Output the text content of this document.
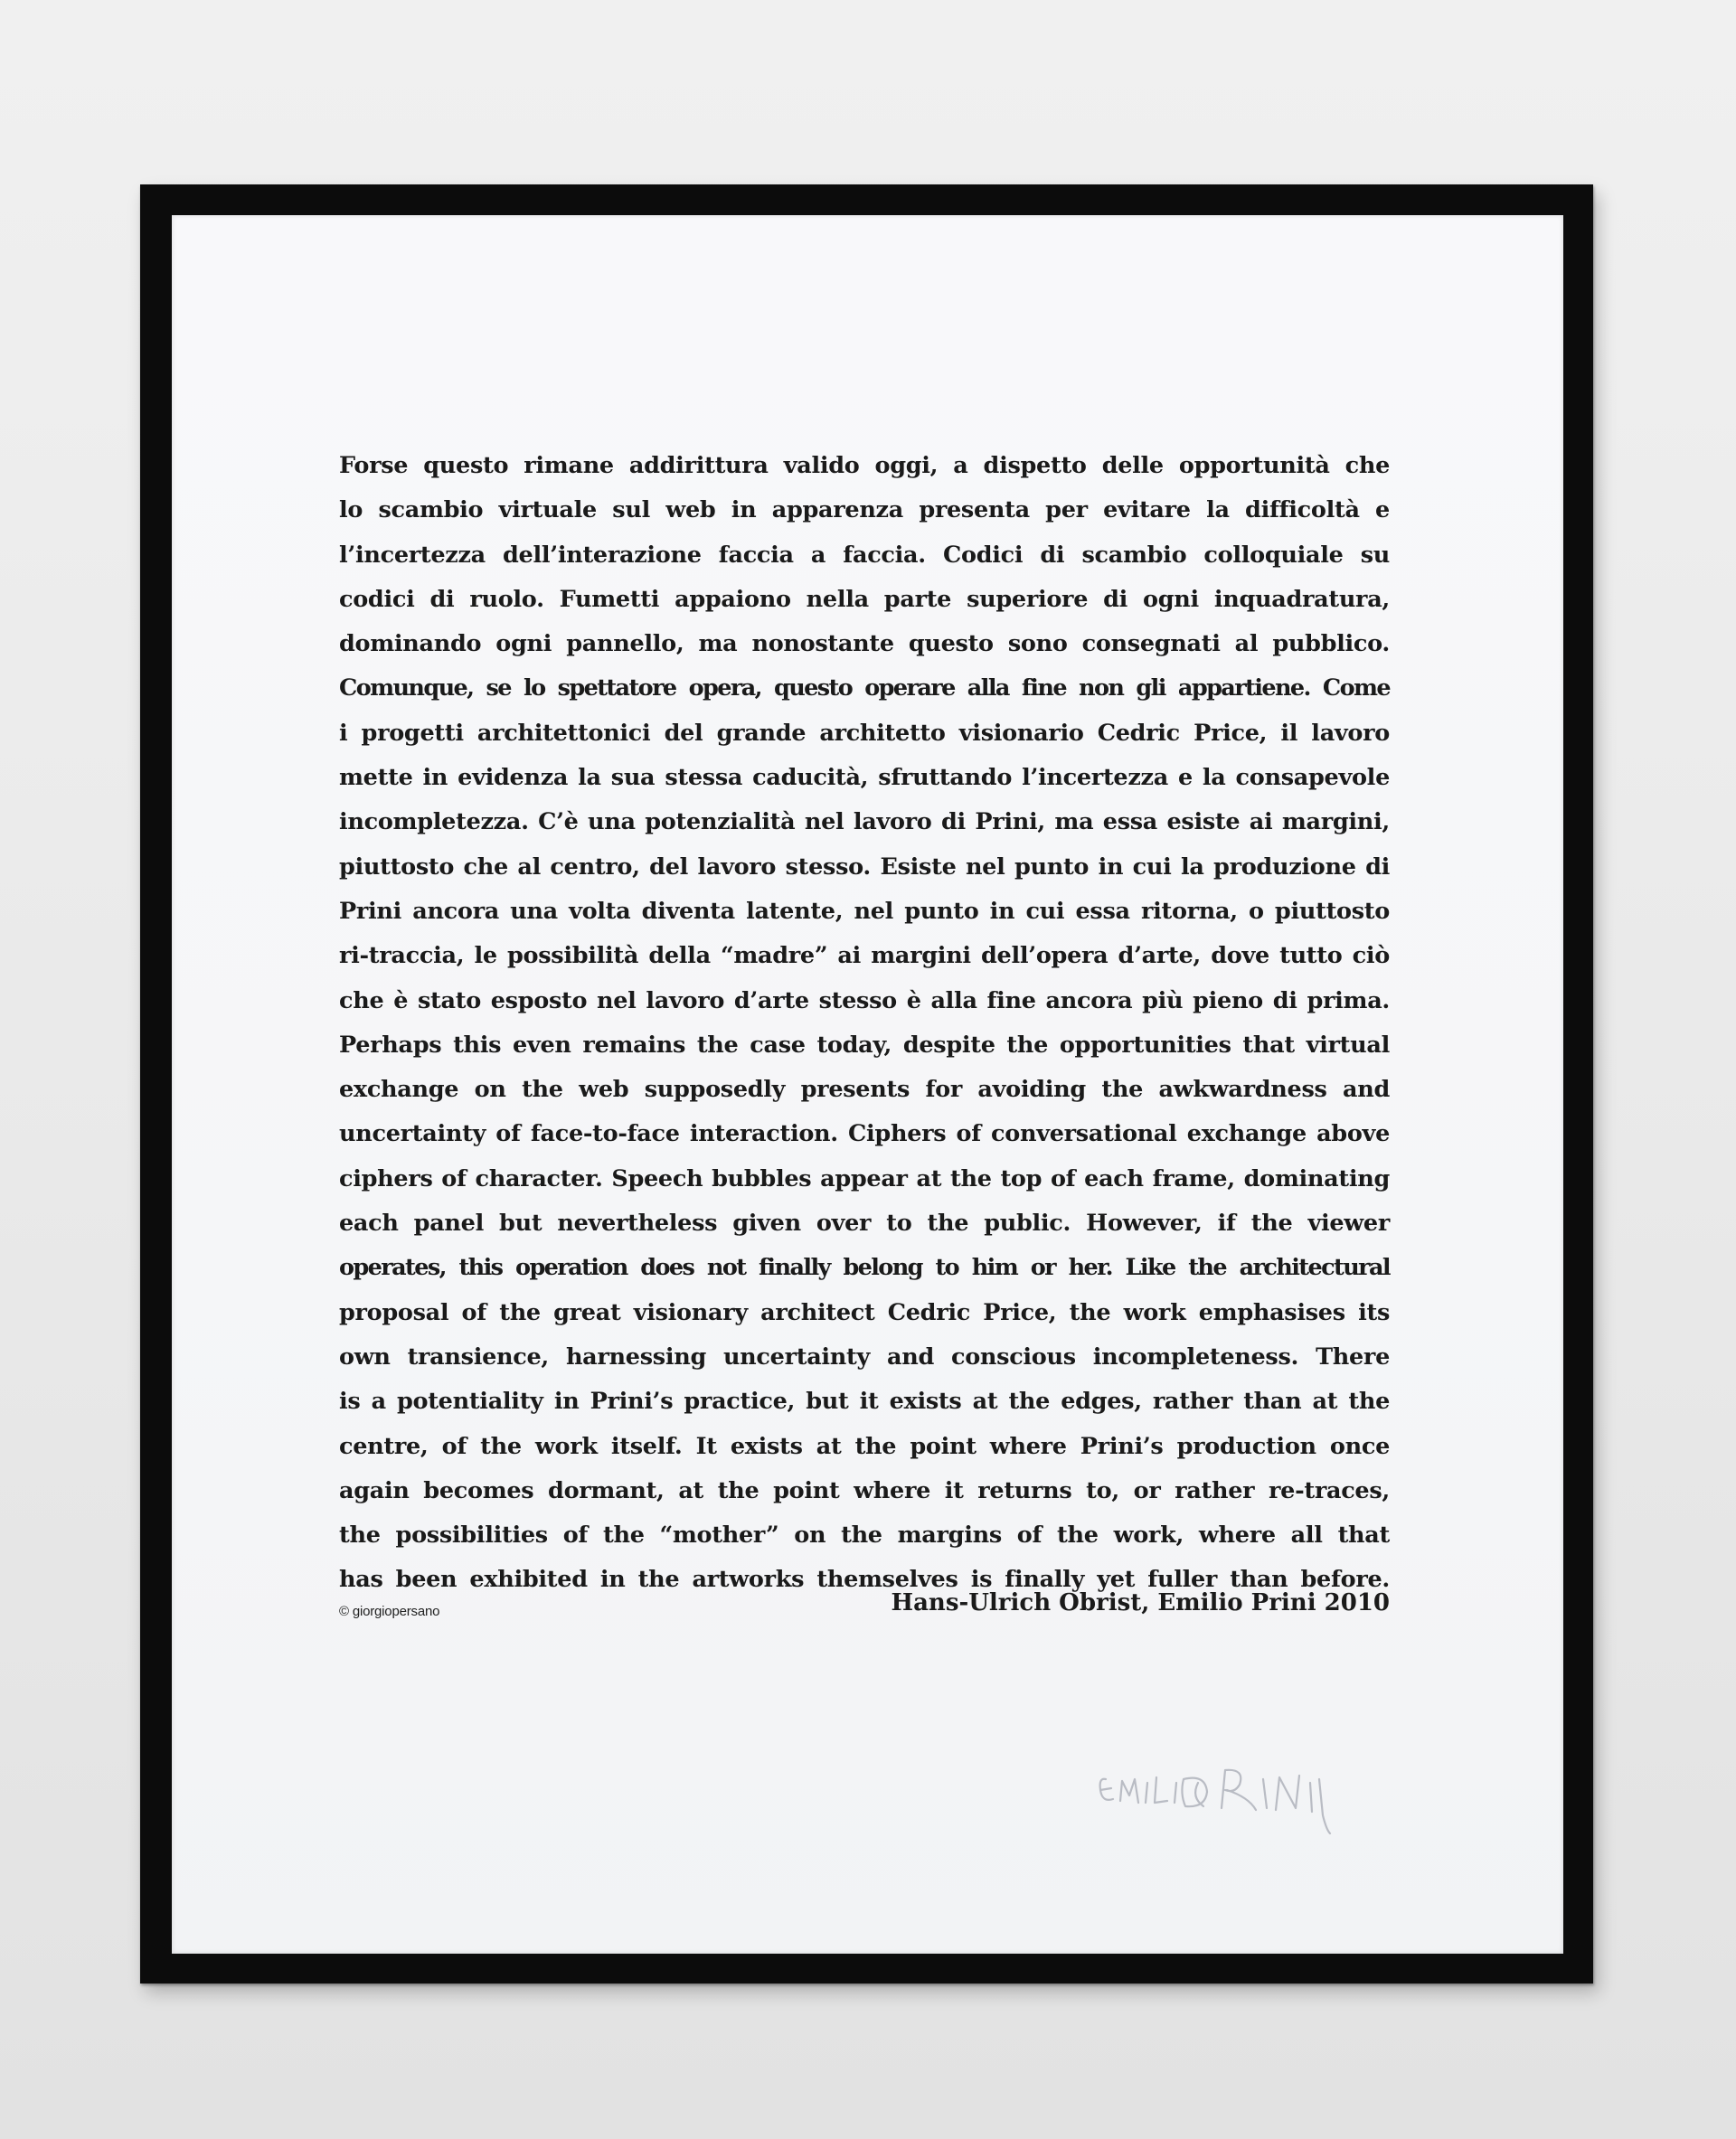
Forse questo rimane addirittura valido oggi, a dispetto delle opportunità che
lo scambio virtuale sul web in apparenza presenta per evitare la difficoltà e
l’incertezza dell’interazione faccia a faccia. Codici di scambio colloquiale su
codici di ruolo. Fumetti appaiono nella parte superiore di ogni inquadratura,
dominando ogni pannello, ma nonostante questo sono consegnati al pubblico.
Comunque, se lo spettatore opera, questo operare alla fine non gli appartiene. Come
i progetti architettonici del grande architetto visionario Cedric Price, il lavoro
mette in evidenza la sua stessa caducità, sfruttando l’incertezza e la consapevole
incompletezza. C’è una potenzialità nel lavoro di Prini, ma essa esiste ai margini,
piuttosto che al centro, del lavoro stesso. Esiste nel punto in cui la produzione di
Prini ancora una volta diventa latente, nel punto in cui essa ritorna, o piuttosto
ri-traccia, le possibilità della “madre” ai margini dell’opera d’arte, dove tutto ciò
che è stato esposto nel lavoro d’arte stesso è alla fine ancora più pieno di prima.
Perhaps this even remains the case today, despite the opportunities that virtual
exchange on the web supposedly presents for avoiding the awkwardness and
uncertainty of face-to-face interaction. Ciphers of conversational exchange above
ciphers of character. Speech bubbles appear at the top of each frame, dominating
each panel but nevertheless given over to the public. However, if the viewer
operates, this operation does not finally belong to him or her. Like the architectural
proposal of the great visionary architect Cedric Price, the work emphasises its
own transience, harnessing uncertainty and conscious incompleteness. There
is a potentiality in Prini’s practice, but it exists at the edges, rather than at the
centre, of the work itself. It exists at the point where Prini’s production once
again becomes dormant, at the point where it returns to, or rather re-traces,
the possibilities of the “mother” on the margins of the work, where all that
has been exhibited in the artworks themselves is finally yet fuller than before.
© giorgiopersano	Hans-Ulrich Obrist, Emilio Prini 2010
